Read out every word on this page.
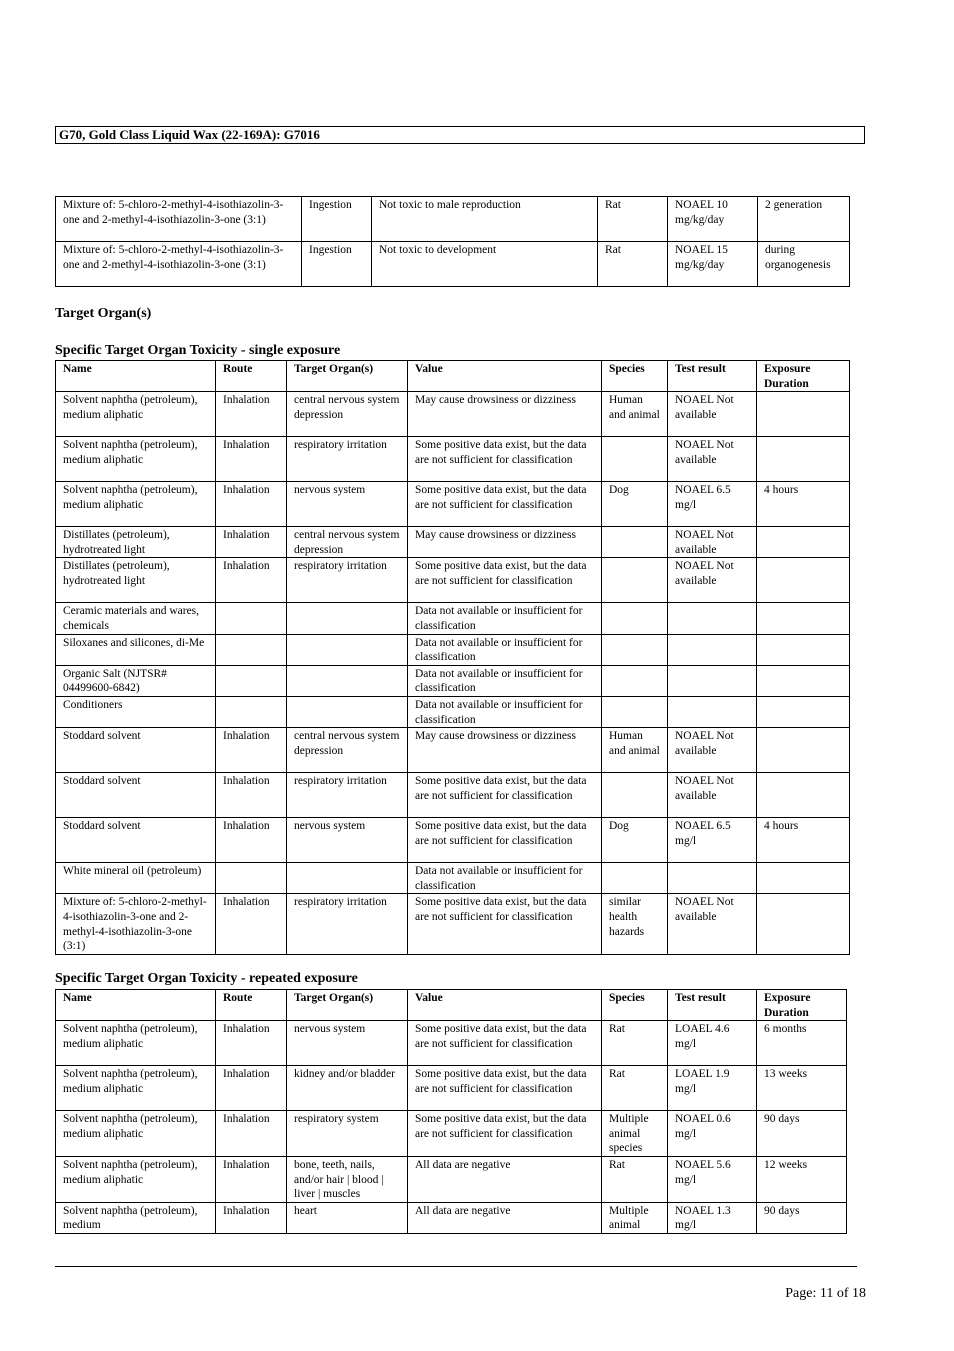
G70, Gold Class Liquid Wax (22-169A): G7016
Mixture of: 5-chloro-2-methyl-4-isothiazolin-3-one and 2-methyl-4-isothiazolin-3-one (3:1)	Ingestion	Not toxic to male reproduction	Rat	NOAEL 10 mg/kg/day	2 generation
Mixture of: 5-chloro-2-methyl-4-isothiazolin-3-one and 2-methyl-4-isothiazolin-3-one (3:1)	Ingestion	Not toxic to development	Rat	NOAEL 15 mg/kg/day	during organogenesis
Target Organ(s)
Specific Target Organ Toxicity - single exposure
Name	Route	Target Organ(s)	Value	Species	Test result	Exposure Duration
Solvent naphtha (petroleum), medium aliphatic	Inhalation	central nervous system depression	May cause drowsiness or dizziness	Human and animal	NOAEL Not available	
Solvent naphtha (petroleum), medium aliphatic	Inhalation	respiratory irritation	Some positive data exist, but the data are not sufficient for classification		NOAEL Not available	
Solvent naphtha (petroleum), medium aliphatic	Inhalation	nervous system	Some positive data exist, but the data are not sufficient for classification	Dog	NOAEL 6.5 mg/l	4 hours
Distillates (petroleum), hydrotreated light	Inhalation	central nervous system depression	May cause drowsiness or dizziness		NOAEL Not available	
Distillates (petroleum), hydrotreated light	Inhalation	respiratory irritation	Some positive data exist, but the data are not sufficient for classification		NOAEL Not available	
Ceramic materials and wares, chemicals			Data not available or insufficient for classification			
Siloxanes and silicones, di-Me			Data not available or insufficient for classification			
Organic Salt (NJTSR# 04499600-6842)			Data not available or insufficient for classification			
Conditioners			Data not available or insufficient for classification			
Stoddard solvent	Inhalation	central nervous system depression	May cause drowsiness or dizziness	Human and animal	NOAEL Not available	
Stoddard solvent	Inhalation	respiratory irritation	Some positive data exist, but the data are not sufficient for classification		NOAEL Not available	
Stoddard solvent	Inhalation	nervous system	Some positive data exist, but the data are not sufficient for classification	Dog	NOAEL 6.5 mg/l	4 hours
White mineral oil (petroleum)			Data not available or insufficient for classification			
Mixture of: 5-chloro-2-methyl-4-isothiazolin-3-one and 2-methyl-4-isothiazolin-3-one (3:1)	Inhalation	respiratory irritation	Some positive data exist, but the data are not sufficient for classification	similar health hazards	NOAEL Not available	
Specific Target Organ Toxicity - repeated exposure
Name	Route	Target Organ(s)	Value	Species	Test result	Exposure Duration
Solvent naphtha (petroleum), medium aliphatic	Inhalation	nervous system	Some positive data exist, but the data are not sufficient for classification	Rat	LOAEL 4.6 mg/l	6 months
Solvent naphtha (petroleum), medium aliphatic	Inhalation	kidney and/or bladder	Some positive data exist, but the data are not sufficient for classification	Rat	LOAEL 1.9 mg/l	13 weeks
Solvent naphtha (petroleum), medium aliphatic	Inhalation	respiratory system	Some positive data exist, but the data are not sufficient for classification	Multiple animal species	NOAEL 0.6 mg/l	90 days
Solvent naphtha (petroleum), medium aliphatic	Inhalation	bone, teeth, nails, and/or hair | blood | liver | muscles	All data are negative	Rat	NOAEL 5.6 mg/l	12 weeks
Solvent naphtha (petroleum), medium	Inhalation	heart	All data are negative	Multiple animal	NOAEL 1.3 mg/l	90 days
Page: 11 of 18
